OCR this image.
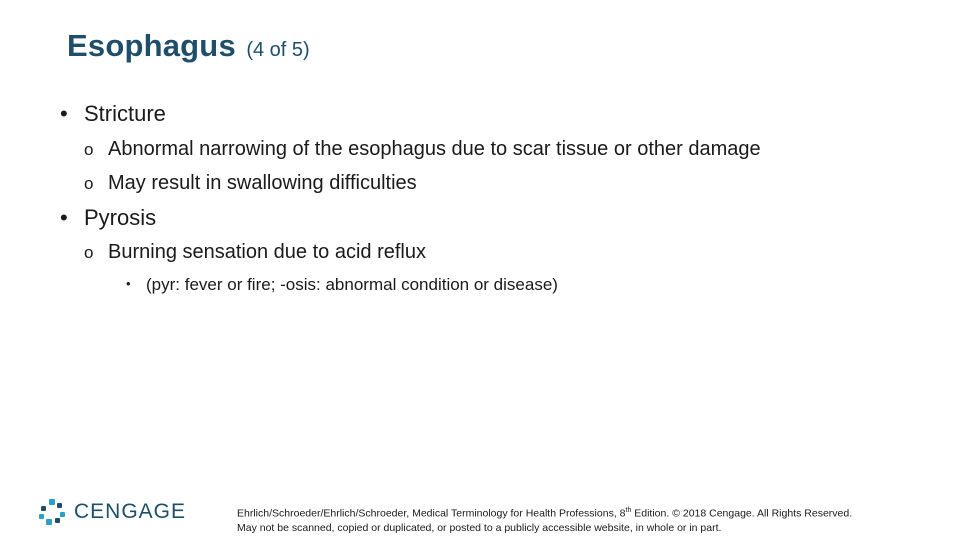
Esophagus (4 of 5)
• Stricture
o Abnormal narrowing of the esophagus due to scar tissue or other damage
o May result in swallowing difficulties
• Pyrosis
o Burning sensation due to acid reflux
• (pyr: fever or fire; -osis: abnormal condition or disease)
CENGAGE	Ehrlich/Schroeder/Ehrlich/Schroeder, Medical Terminology for Health Professions, 8th Edition. © 2018 Cengage. All Rights Reserved.
May not be scanned, copied or duplicated, or posted to a publicly accessible website, in whole or in part.
